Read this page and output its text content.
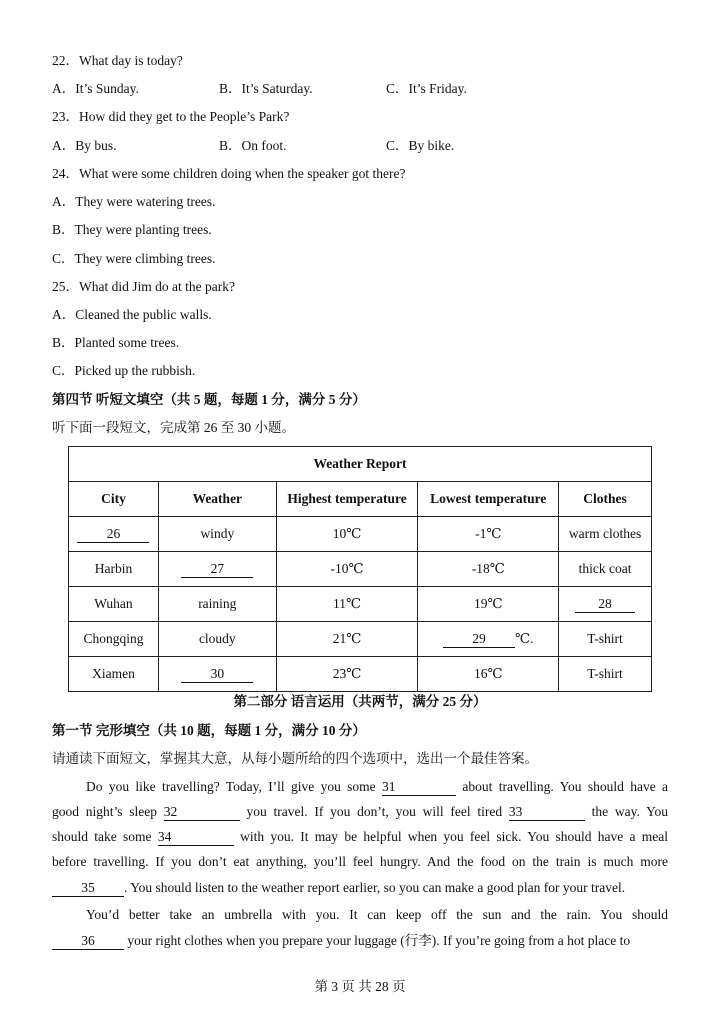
22．What day is today?
A．It’s Sunday.	B．It’s Saturday.	C．It’s Friday.
23．How did they get to the People’s Park?
A．By bus.	B．On foot.	C．By bike.
24．What were some children doing when the speaker got there?
A．They were watering trees.
B．They were planting trees.
C．They were climbing trees.
25．What did Jim do at the park?
A．Cleaned the public walls.
B．Planted some trees.
C．Picked up the rubbish.
第四节 听短文填空（共 5 题，每题 1 分，满分 5 分）
听下面一段短文，完成第 26 至 30 小题。
Weather Report				
City	Weather	Highest temperature	Lowest temperature	Clothes
26	windy	10℃	-1℃	warm clothes
Harbin	27	-10℃	-18℃	thick coat
Wuhan	raining	11℃	19℃	28
Chongqing	cloudy	21℃	29 ℃.	T-shirt
Xiamen	30	23℃	16℃	T-shirt
第二部分 语言运用（共两节，满分 25 分）
第一节 完形填空（共 10 题，每题 1 分，满分 10 分）
请通读下面短文，掌握其大意，从每小题所给的四个选项中，选出一个最佳答案。
Do you like travelling? Today, I’ll give you some 31	about travelling. You should have a
good night’s sleep 32	you travel. If you don’t, you will feel tired 33	the way. You
should take some 34	with you. It may be helpful when you feel sick. You should have a meal
before travelling. If you don’t eat anything, you’ll feel hungry. And the food on the train is much more
35 . You should listen to the weather report earlier, so you can make a good plan for your travel.
You’d better take an umbrella with you. It can keep off the sun and the rain. You should
36 your right clothes when you prepare your luggage (行李). If you’re going from a hot place to
第 3 页 共 28 页
